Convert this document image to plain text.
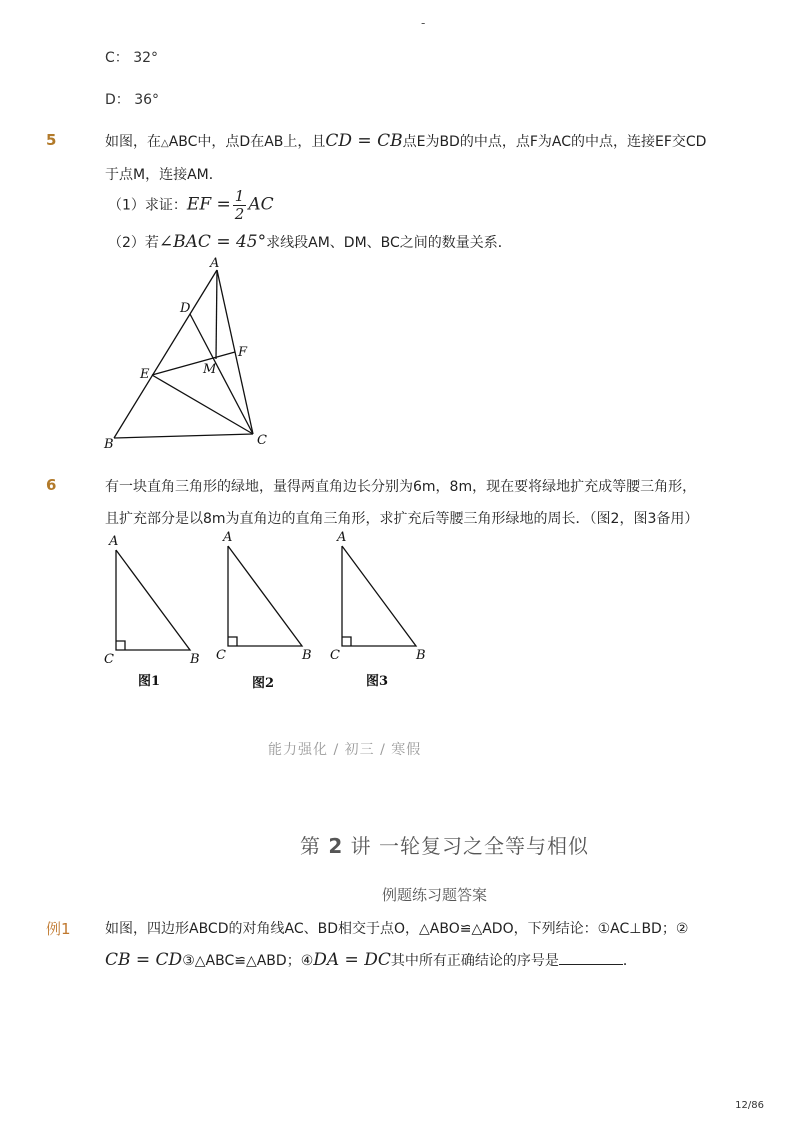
-
C： 32°
D： 36°
5	如图，在△ABC中，点D在AB上，且CD = CB点E为BD的中点，点F为AC的中点，连接EF交CD
于点M，连接AM．
（1）求证：EF = $\frac{1}{2}$ AC
（2）若∠BAC = 45°求线段AM、DM、BC之间的数量关系．
A
D
F
E	M
B	C
6	有一块直角三角形的绿地，量得两直角边长分别为6m，8m，现在要将绿地扩充成等腰三角形，
且扩充部分是以8m为直角边的直角三角形，求扩充后等腰三角形绿地的周长．（图2，图3备用）
A
C	B
图1
A
C	B
图2
A
C	B
图3
能力强化 / 初三 / 寒假
第 2 讲 一轮复习之全等与相似
例题练习题答案
例1 如图，四边形ABCD的对角线AC、BD相交于点O，△ABO≌△ADO，下列结论：①AC⊥BD；②
CB = CD③△ABC≌△ABD；④DA = DC其中所有正确结论的序号是	．
12/86
